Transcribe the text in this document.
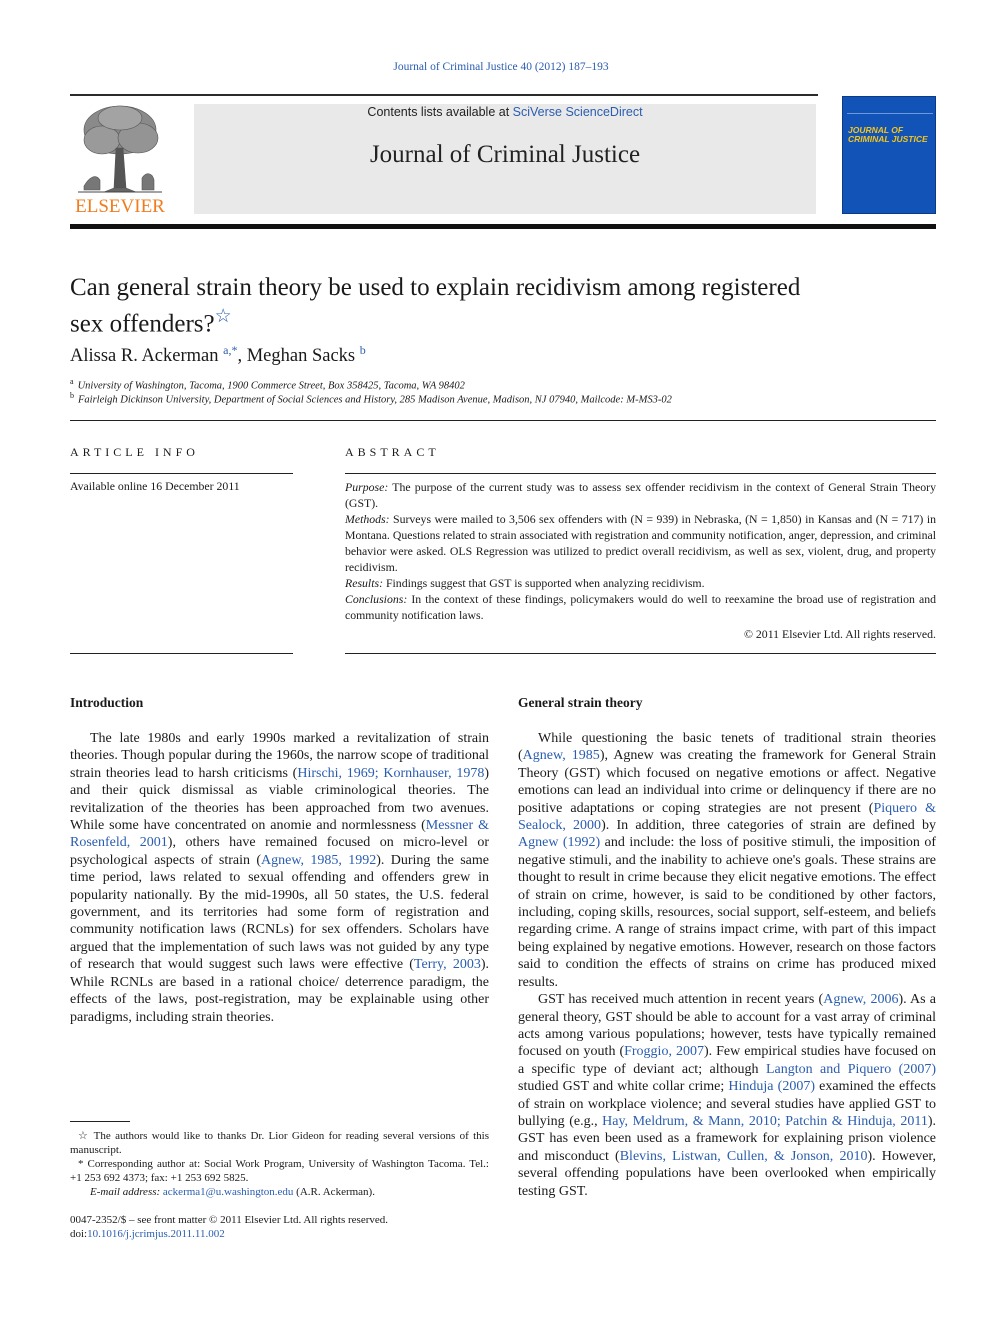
Journal of Criminal Justice 40 (2012) 187–193
ELSEVIER
Contents lists available at SciVerse ScienceDirect
Journal of Criminal Justice
JOURNAL OF CRIMINAL JUSTICE
Can general strain theory be used to explain recidivism among registered
sex offenders?☆
Alissa R. Ackerman $^{a,*}$, Meghan Sacks $^b$
$^a$ University of Washington, Tacoma, 1900 Commerce Street, Box 358425, Tacoma, WA 98402
$^b$ Fairleigh Dickinson University, Department of Social Sciences and History, 285 Madison Avenue, Madison, NJ 07940, Mailcode: M-MS3-02
ARTICLE INFO	ABSTRACT
Available online 16 December 2011	Purpose: The purpose of the current study was to assess sex offender recidivism in the context of General Strain Theory (GST).

Methods: Surveys were mailed to 3,506 sex offenders with (N = 939) in Nebraska, (N = 1,850) in Kansas and (N = 717) in Montana. Questions related to strain associated with registration and community notification, anger, depression, and criminal behavior were asked. OLS Regression was utilized to predict overall recidivism, as well as sex, violent, drug, and property recidivism.

Results: Findings suggest that GST is supported when analyzing recidivism.

Conclusions: In the context of these findings, policymakers would do well to reexamine the broad use of registration and community notification laws.

© 2011 Elsevier Ltd. All rights reserved.

Introduction	General strain theory

The late 1980s and early 1990s marked a revitalization of strain theories. Though popular during the 1960s, the narrow scope of traditional strain theories lead to harsh criticisms (Hirschi, 1969; Kornhauser, 1978) and their quick dismissal as viable criminological theories. The revitalization of the theories has been approached from two avenues. While some have concentrated on anomie and normlessness (Messner & Rosenfeld, 2001), others have remained focused on micro-level or psychological aspects of strain (Agnew, 1985, 1992). During the same time period, laws related to sexual offending and offenders grew in popularity nationally. By the mid-1990s, all 50 states, the U.S. federal government, and its territories had some form of registration and community notification laws (RCNLs) for sex offenders. Scholars have argued that the implementation of such laws was not guided by any type of research that would suggest such laws were effective (Terry, 2003). While RCNLs are based in a rational choice/ deterrence paradigm, the effects of the laws, post-registration, may be explainable using other paradigms, including strain theories.

While questioning the basic tenets of traditional strain theories (Agnew, 1985), Agnew was creating the framework for General Strain Theory (GST) which focused on negative emotions or affect. Negative emotions can lead an individual into crime or delinquency if there are no positive adaptations or coping strategies are not present (Piquero & Sealock, 2000). In addition, three categories of strain are defined by Agnew (1992) and include: the loss of positive stimuli, the imposition of negative stimuli, and the inability to achieve one's goals. These strains are thought to result in crime because they elicit negative emotions. The effect of strain on crime, however, is said to be conditioned by other factors, including, coping skills, resources, social support, self-esteem, and beliefs regarding crime. A range of strains impact crime, with part of this impact being explained by negative emotions. However, research on those factors said to condition the effects of strains on crime has produced mixed results.

GST has received much attention in recent years (Agnew, 2006). As a general theory, GST should be able to account for a vast array of criminal acts among various populations; however, tests have typically remained focused on youth (Froggio, 2007). Few empirical studies have focused on a specific type of deviant act; although Langton and Piquero (2007) studied GST and white collar crime; Hinduja (2007) examined the effects of strain on workplace violence; and several studies have applied GST to bullying (e.g., Hay, Meldrum, & Mann, 2010; Patchin & Hinduja, 2011). GST has even been used as a framework for explaining prison violence and misconduct (Blevins, Listwan, Cullen, & Jonson, 2010). However, several offending populations have been overlooked when empirically testing GST.

☆ The authors would like to thanks Dr. Lior Gideon for reading several versions of this manuscript.
* Corresponding author at: Social Work Program, University of Washington Tacoma. Tel.: +1 253 692 4373; fax: +1 253 692 5825.
E-mail address: ackerma1@u.washington.edu (A.R. Ackerman).
0047-2352/$ – see front matter © 2011 Elsevier Ltd. All rights reserved.
doi:10.1016/j.jcrimjus.2011.11.002
